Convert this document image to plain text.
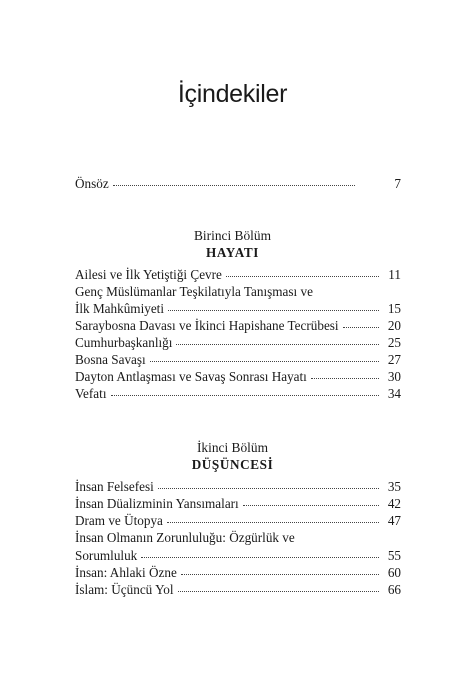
İçindekiler
Önsöz	7
Birinci Bölüm
HAYATI
Ailesi ve İlk Yetiştiği Çevre	11
Genç Müslümanlar Teşkilatıyla Tanışması ve
İlk Mahkûmiyeti	15
Saraybosna Davası ve İkinci Hapishane Tecrübesi	20
Cumhurbaşkanlığı	25
Bosna Savaşı	27
Dayton Antlaşması ve Savaş Sonrası Hayatı	30
Vefatı	34
İkinci Bölüm
DÜŞÜNCESİ
İnsan Felsefesi	35
İnsan Düalizminin Yansımaları	42
Dram ve Ütopya	47
İnsan Olmanın Zorunluluğu: Özgürlük ve
Sorumluluk	55
İnsan: Ahlaki Özne	60
İslam: Üçüncü Yol	66
